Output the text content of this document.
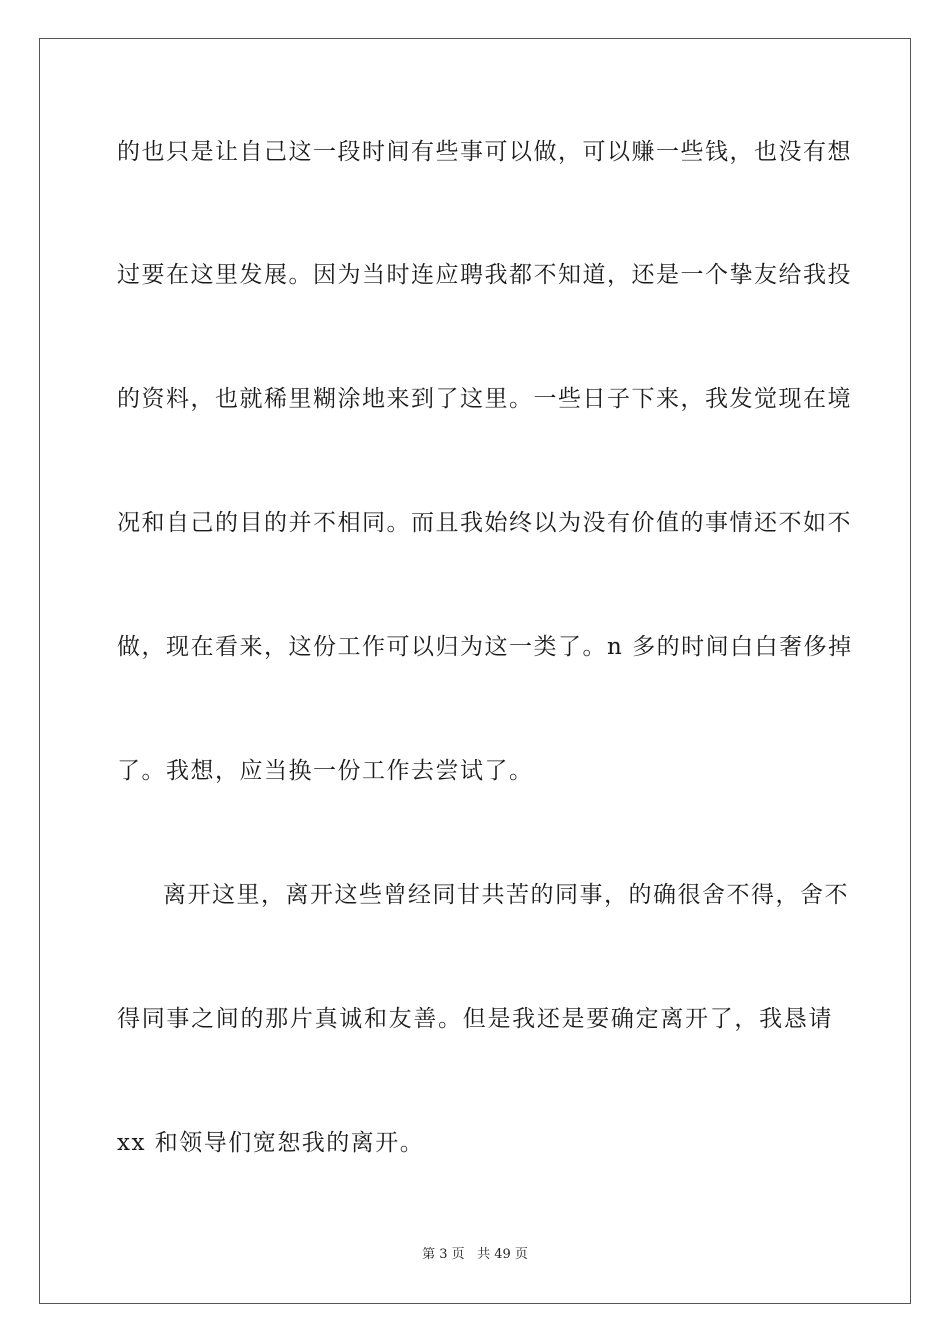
的也只是让自己这一段时间有些事可以做，可以赚一些钱，也没有想
过要在这里发展。因为当时连应聘我都不知道，还是一个挚友给我投
的资料，也就稀里糊涂地来到了这里。一些日子下来，我发觉现在境
况和自己的目的并不相同。而且我始终以为没有价值的事情还不如不
做，现在看来，这份工作可以归为这一类了。n 多的时间白白奢侈掉
了。我想，应当换一份工作去尝试了。
离开这里，离开这些曾经同甘共苦的同事，的确很舍不得，舍不
得同事之间的那片真诚和友善。但是我还是要确定离开了，我恳请
xx 和领导们宽恕我的离开。
第 3 页 共 49 页
